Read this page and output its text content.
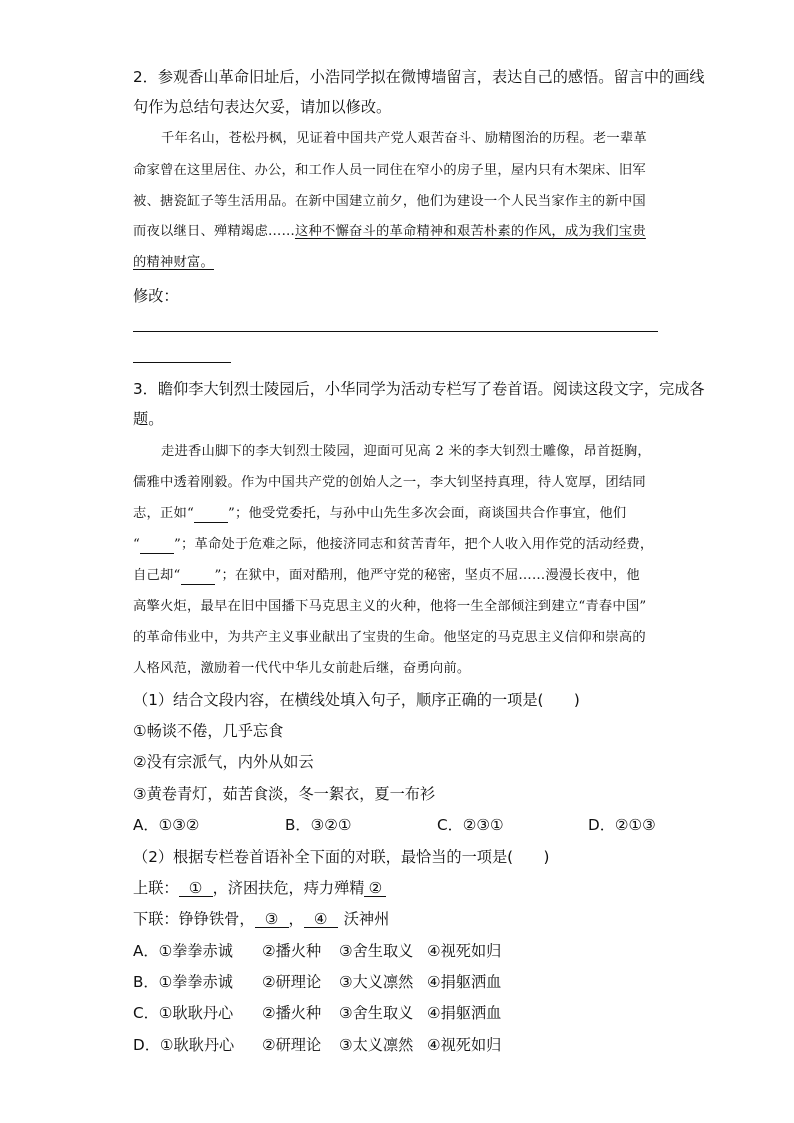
2．参观香山革命旧址后，小浩同学拟在微博墙留言，表达自己的感悟。留言中的画线
句作为总结句表达欠妥，请加以修改。
千年名山，苍松丹枫，见证着中国共产党人艰苦奋斗、励精图治的历程。老一辈革
命家曾在这里居住、办公，和工作人员一同住在窄小的房子里，屋内只有木架床、旧军
被、搪瓷缸子等生活用品。在新中国建立前夕，他们为建设一个人民当家作主的新中国
而夜以继日、殚精竭虑……这种不懈奋斗的革命精神和艰苦朴素的作风，成为我们宝贵
的精神财富。
修改：
3．瞻仰李大钊烈士陵园后，小华同学为活动专栏写了卷首语。阅读这段文字，完成各
题。
走进香山脚下的李大钊烈士陵园，迎面可见高 2 米的李大钊烈士雕像，昂首挺胸，
儒雅中透着刚毅。作为中国共产党的创始人之一，李大钊坚持真理，待人宽厚，团结同
志，正如“	”；他受党委托，与孙中山先生多次会面，商谈国共合作事宜，他们
“	”；革命处于危难之际，他接济同志和贫苦青年，把个人收入用作党的活动经费，
自己却“	”；在狱中，面对酷刑，他严守党的秘密，坚贞不屈……漫漫长夜中，他
高擎火炬，最早在旧中国播下马克思主义的火种，他将一生全部倾注到建立“青春中国”
的革命伟业中，为共产主义事业献出了宝贵的生命。他坚定的马克思主义信仰和崇高的
人格风范，激励着一代代中华儿女前赴后继，奋勇向前。
（1）结合文段内容，在横线处填入句子，顺序正确的一项是(　　)
①畅谈不倦，几乎忘食
②没有宗派气，内外从如云
③黄卷青灯，茹苦食淡，冬一絮衣，夏一布衫
A．①③②	B．③②①	C．②③①	D．②①③
（2）根据专栏卷首语补全下面的对联，最恰当的一项是(　　)
上联： ① ，济困扶危，痔力殚精 ②
下联：铮铮铁骨， ③ ， ④ 沃神州
A．①拳拳赤诚 ②播火种 ③舍生取义 ④视死如归
B．①拳拳赤诚 ②研理论 ③大义凛然 ④捐躯洒血
C．①耿耿丹心 ②播火种 ③舍生取义 ④捐躯洒血
D．①耿耿丹心 ②研理论 ③太义凛然 ④视死如归
